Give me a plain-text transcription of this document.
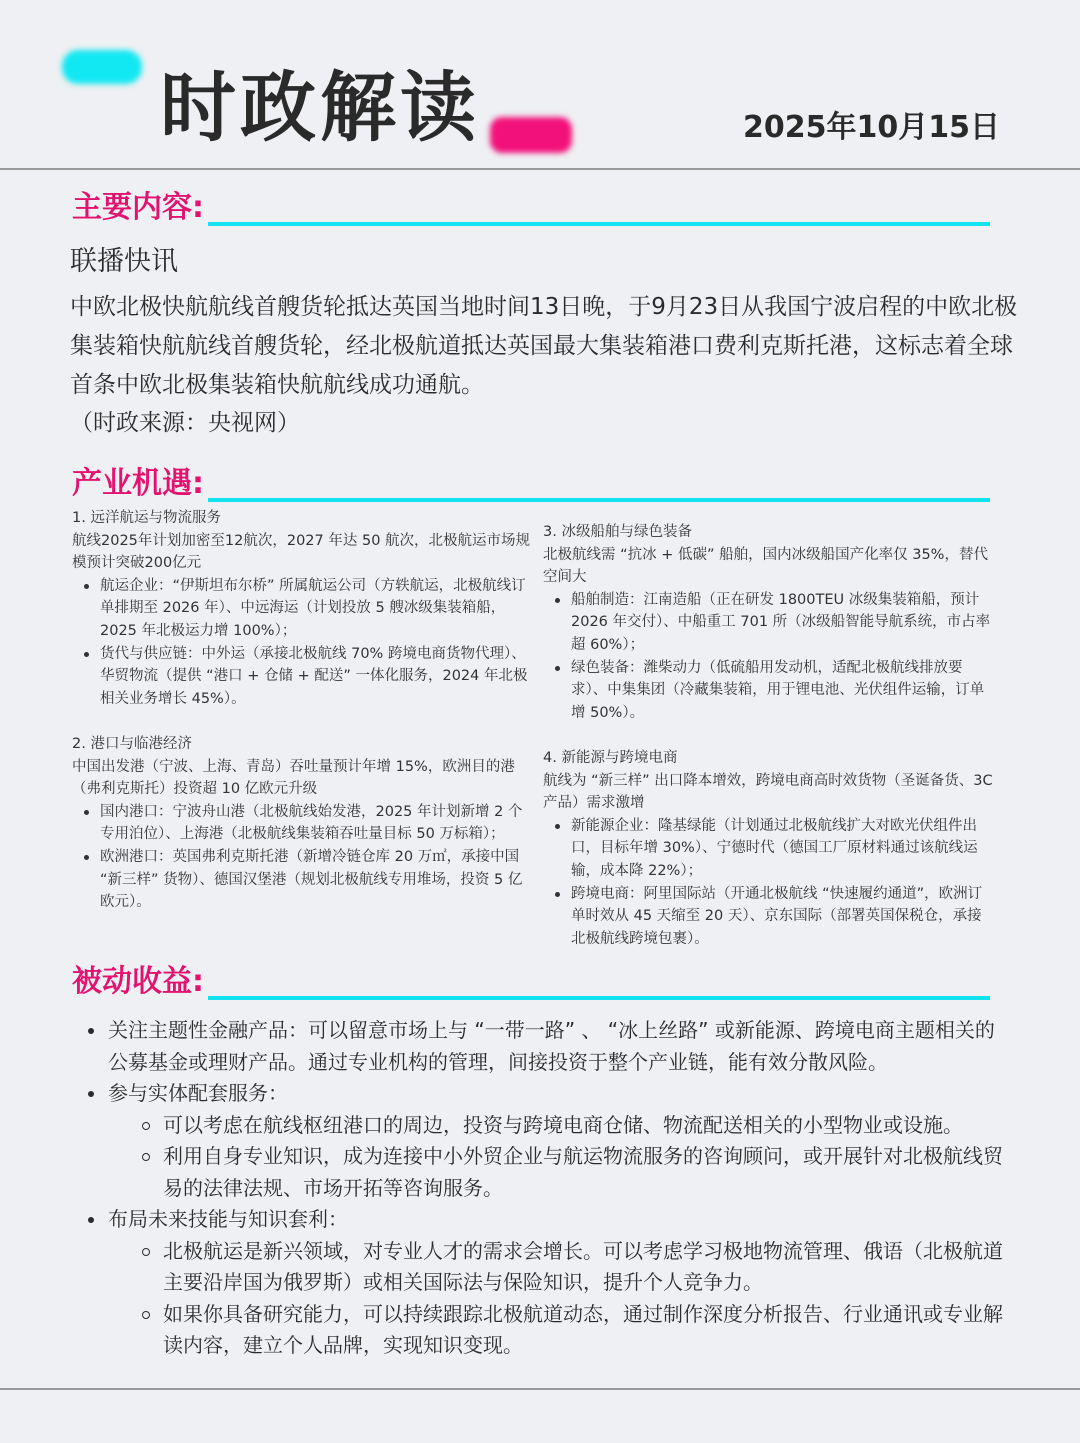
时政解读	2025年10月15日
主要内容:
联播快讯
中欧北极快航航线首艘货轮抵达英国当地时间13日晚，于9月23日从我国宁波启程的中欧北极集装箱快航航线首艘货轮，经北极航道抵达英国最大集装箱港口费利克斯托港，这标志着全球首条中欧北极集装箱快航航线成功通航。
（时政来源：央视网）
产业机遇:
1. 远洋航运与物流服务
航线2025年计划加密至12航次，2027 年达 50 航次，北极航运市场规模预计突破200亿元
航运企业：“伊斯坦布尔桥” 所属航运公司（方轶航运，北极航线订单排期至 2026 年）、中远海运（计划投放 5 艘冰级集装箱船，2025 年北极运力增 100%）；
货代与供应链：中外运（承接北极航线 70% 跨境电商货物代理）、华贸物流（提供 “港口 + 仓储 + 配送” 一体化服务，2024 年北极相关业务增长 45%）。
2. 港口与临港经济
中国出发港（宁波、上海、青岛）吞吐量预计年增 15%，欧洲目的港（弗利克斯托）投资超 10 亿欧元升级
国内港口：宁波舟山港（北极航线始发港，2025 年计划新增 2 个专用泊位）、上海港（北极航线集装箱吞吐量目标 50 万标箱）；
欧洲港口：英国弗利克斯托港（新增冷链仓库 20 万㎡，承接中国 “新三样” 货物）、德国汉堡港（规划北极航线专用堆场，投资 5 亿欧元）。
3. 冰级船舶与绿色装备
北极航线需 “抗冰 + 低碳” 船舶，国内冰级船国产化率仅 35%，替代空间大
船舶制造：江南造船（正在研发 1800TEU 冰级集装箱船，预计 2026 年交付）、中船重工 701 所（冰级船智能导航系统，市占率超 60%）；
绿色装备：潍柴动力（低硫船用发动机，适配北极航线排放要求）、中集集团（冷藏集装箱，用于锂电池、光伏组件运输，订单增 50%）。
4. 新能源与跨境电商
航线为 “新三样” 出口降本增效，跨境电商高时效货物（圣诞备货、3C 产品）需求激增
新能源企业：隆基绿能（计划通过北极航线扩大对欧光伏组件出口，目标年增 30%）、宁德时代（德国工厂原材料通过该航线运输，成本降 22%）；
跨境电商：阿里国际站（开通北极航线 “快速履约通道”，欧洲订单时效从 45 天缩至 20 天）、京东国际（部署英国保税仓，承接北极航线跨境包裹）。
被动收益:
关注主题性金融产品：可以留意市场上与 “一带一路” 、 “冰上丝路” 或新能源、跨境电商主题相关的公募基金或理财产品。通过专业机构的管理，间接投资于整个产业链，能有效分散风险。
参与实体配套服务：
可以考虑在航线枢纽港口的周边，投资与跨境电商仓储、物流配送相关的小型物业或设施。
利用自身专业知识，成为连接中小外贸企业与航运物流服务的咨询顾问，或开展针对北极航线贸易的法律法规、市场开拓等咨询服务。
布局未来技能与知识套利：
北极航运是新兴领域，对专业人才的需求会增长。可以考虑学习极地物流管理、俄语（北极航道主要沿岸国为俄罗斯）或相关国际法与保险知识，提升个人竞争力。
如果你具备研究能力，可以持续跟踪北极航道动态，通过制作深度分析报告、行业通讯或专业解读内容，建立个人品牌，实现知识变现。
